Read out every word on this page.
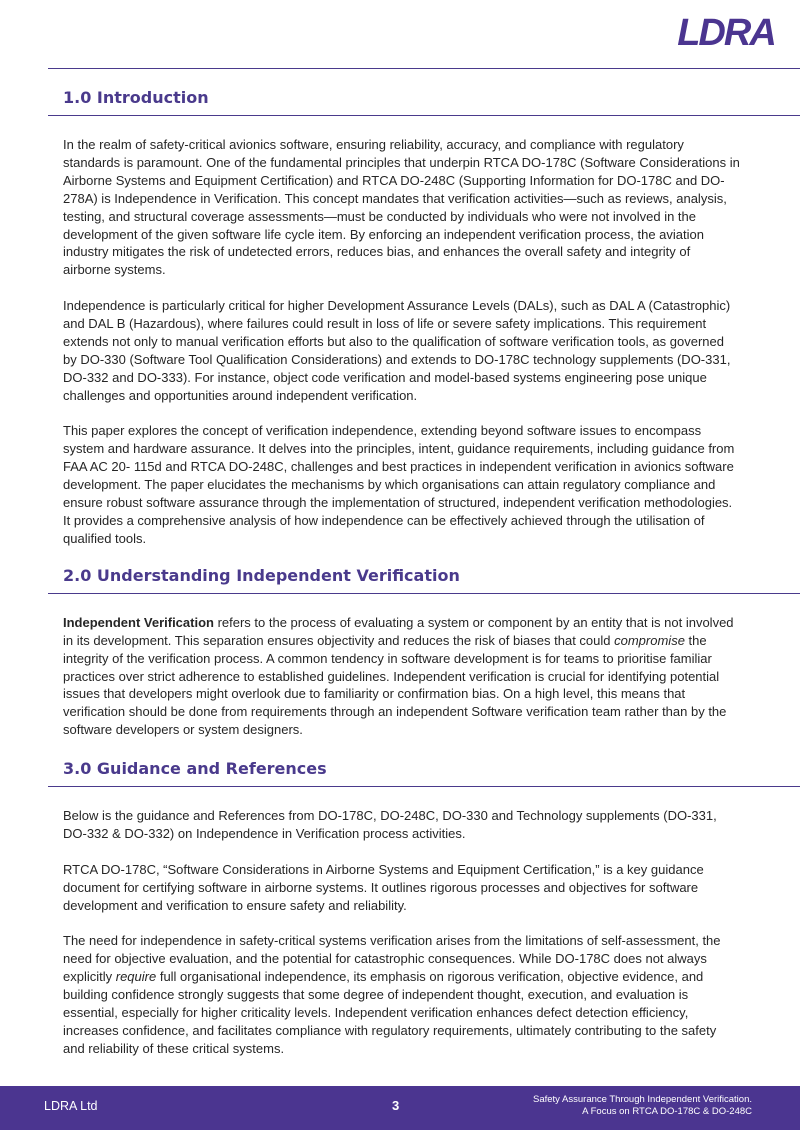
LDRA
1.0 Introduction

In the realm of safety-critical avionics software, ensuring reliability, accuracy, and compliance with regulatory standards is paramount. One of the fundamental principles that underpin RTCA DO-178C (Software Considerations in Airborne Systems and Equipment Certification) and RTCA DO-248C (Supporting Information for DO-178C and DO-278A) is Independence in Verification. This concept mandates that verification activities—such as reviews, analysis, testing, and structural coverage assessments—must be conducted by individuals who were not involved in the development of the given software life cycle item. By enforcing an independent verification process, the aviation industry mitigates the risk of undetected errors, reduces bias, and enhances the overall safety and integrity of airborne systems.

Independence is particularly critical for higher Development Assurance Levels (DALs), such as DAL A (Catastrophic) and DAL B (Hazardous), where failures could result in loss of life or severe safety implications. This requirement extends not only to manual verification efforts but also to the qualification of software verification tools, as governed by DO-330 (Software Tool Qualification Considerations) and extends to DO-178C technology supplements (DO-331, DO-332 and DO-333). For instance, object code verification and model-based systems engineering pose unique challenges and opportunities around independent verification.

This paper explores the concept of verification independence, extending beyond software issues to encompass system and hardware assurance. It delves into the principles, intent, guidance requirements, including guidance from FAA AC 20- 115d and RTCA DO-248C, challenges and best practices in independent verification in avionics software development. The paper elucidates the mechanisms by which organisations can attain regulatory compliance and ensure robust software assurance through the implementation of structured, independent verification methodologies. It provides a comprehensive analysis of how independence can be effectively achieved through the utilisation of qualified tools.

2.0 Understanding Independent Verification

Independent Verification refers to the process of evaluating a system or component by an entity that is not involved in its development. This separation ensures objectivity and reduces the risk of biases that could compromise the integrity of the verification process. A common tendency in software development is for teams to prioritise familiar practices over strict adherence to established guidelines. Independent verification is crucial for identifying potential issues that developers might overlook due to familiarity or confirmation bias. On a high level, this means that verification should be done from requirements through an independent Software verification team rather than by the software developers or system designers.

3.0 Guidance and References

Below is the guidance and References from DO-178C, DO-248C, DO-330 and Technology supplements (DO-331, DO-332 & DO-332) on Independence in Verification process activities.

RTCA DO-178C, “Software Considerations in Airborne Systems and Equipment Certification,” is a key guidance document for certifying software in airborne systems. It outlines rigorous processes and objectives for software development and verification to ensure safety and reliability.

The need for independence in safety-critical systems verification arises from the limitations of self-assessment, the need for objective evaluation, and the potential for catastrophic consequences. While DO-178C does not always explicitly require full organisational independence, its emphasis on rigorous verification, objective evidence, and building confidence strongly suggests that some degree of independent thought, execution, and evaluation is essential, especially for higher criticality levels. Independent verification enhances defect detection efficiency, increases confidence, and facilitates compliance with regulatory requirements, ultimately contributing to the safety and reliability of these critical systems.

LDRA Ltd	3	Safety Assurance Through Independent Verification.
A Focus on RTCA DO-178C & DO-248C
